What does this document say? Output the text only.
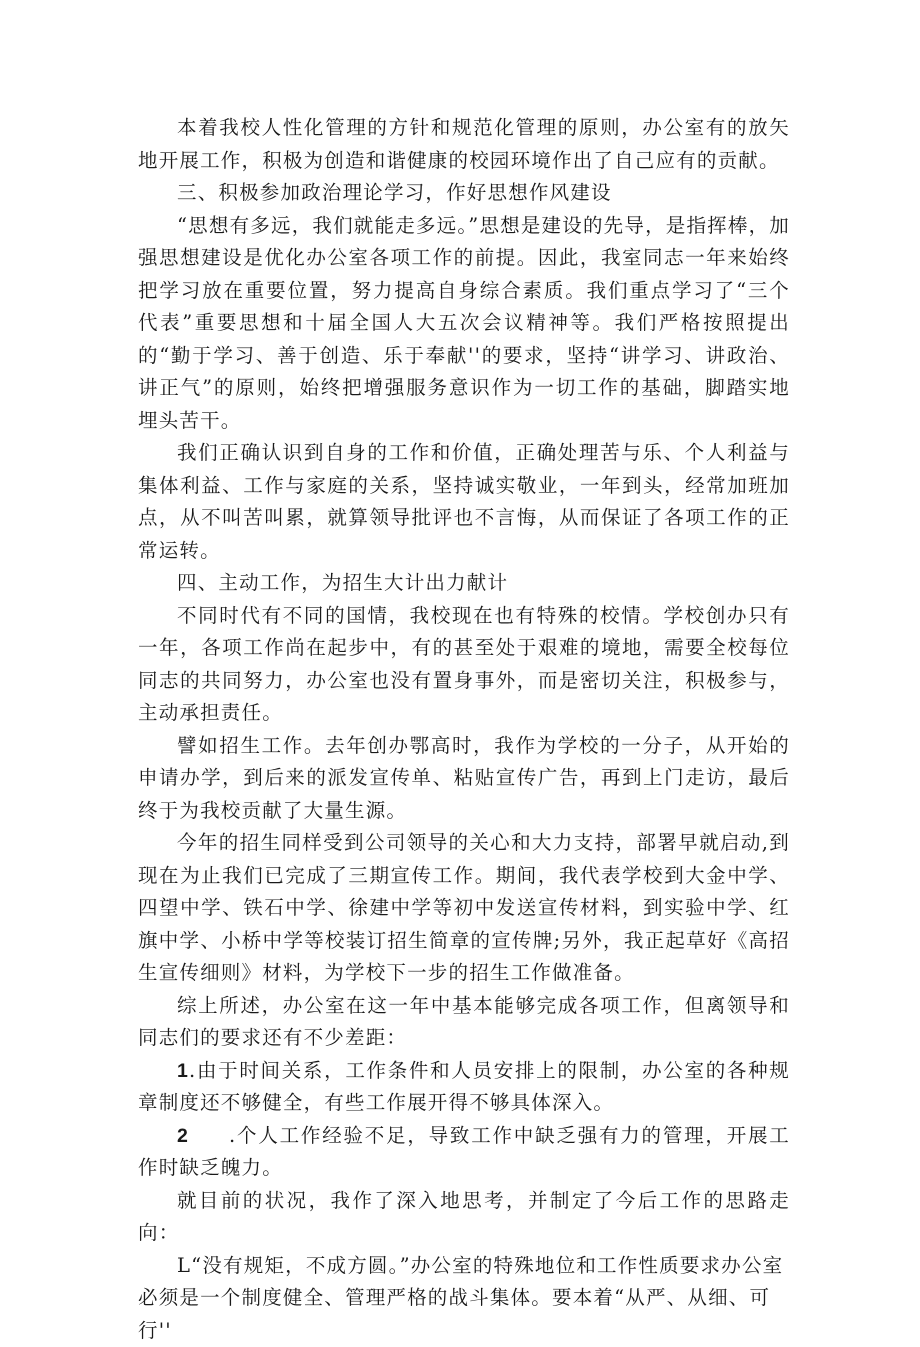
本着我校人性化管理的方针和规范化管理的原则，办公室有的放矢地开展工作，积极为创造和谐健康的校园环境作出了自己应有的贡献。

三、积极参加政治理论学习，作好思想作风建设

“思想有多远，我们就能走多远。”思想是建设的先导，是指挥棒，加强思想建设是优化办公室各项工作的前提。因此，我室同志一年来始终把学习放在重要位置，努力提高自身综合素质。我们重点学习了“三个代表”重要思想和十届全国人大五次会议精神等。我们严格按照提出的“勤于学习、善于创造、乐于奉献''的要求，坚持“讲学习、讲政治、讲正气”的原则，始终把增强服务意识作为一切工作的基础，脚踏实地埋头苦干。

我们正确认识到自身的工作和价值，正确处理苦与乐、个人利益与集体利益、工作与家庭的关系，坚持诚实敬业，一年到头，经常加班加点，从不叫苦叫累，就算领导批评也不言悔，从而保证了各项工作的正常运转。

四、主动工作，为招生大计出力献计

不同时代有不同的国情，我校现在也有特殊的校情。学校创办只有一年，各项工作尚在起步中，有的甚至处于艰难的境地，需要全校每位同志的共同努力，办公室也没有置身事外，而是密切关注，积极参与，主动承担责任。

譬如招生工作。去年创办鄂高时，我作为学校的一分子，从开始的申请办学，到后来的派发宣传单、粘贴宣传广告，再到上门走访，最后终于为我校贡献了大量生源。

今年的招生同样受到公司领导的关心和大力支持，部署早就启动,到现在为止我们已完成了三期宣传工作。期间，我代表学校到大金中学、四望中学、铁石中学、徐建中学等初中发送宣传材料，到实验中学、红旗中学、小桥中学等校装订招生简章的宣传牌;另外，我正起草好《高招生宣传细则》材料，为学校下一步的招生工作做准备。

综上所述，办公室在这一年中基本能够完成各项工作，但离领导和同志们的要求还有不少差距：

1.由于时间关系，工作条件和人员安排上的限制，办公室的各种规章制度还不够健全，有些工作展开得不够具体深入。

2 .个人工作经验不足，导致工作中缺乏强有力的管理，开展工作时缺乏魄力。

就目前的状况，我作了深入地思考，并制定了今后工作的思路走向：

L“没有规矩，不成方圆。”办公室的特殊地位和工作性质要求办公室必须是一个制度健全、管理严格的战斗集体。要本着“从严、从细、可行''
